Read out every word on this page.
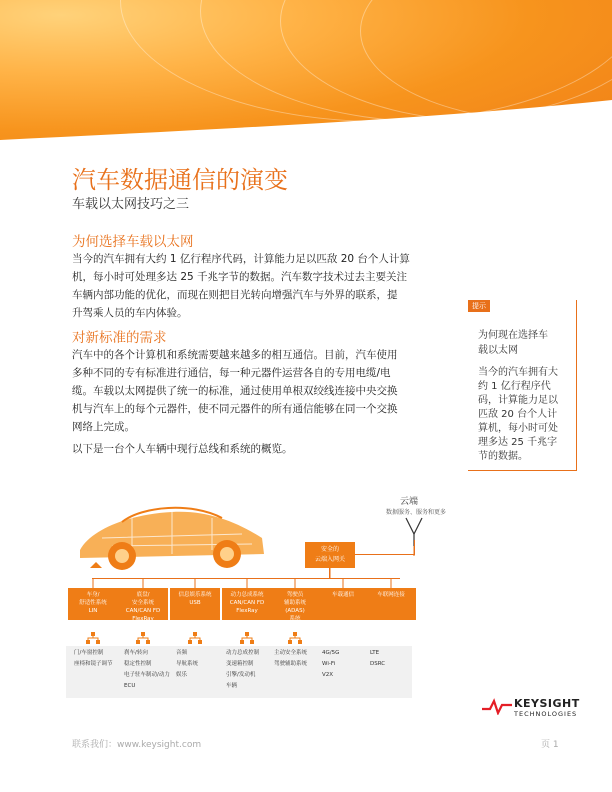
汽车数据通信的演变
车载以太网技巧之三
为何选择车载以太网
当今的汽车拥有大约 1 亿行程序代码，计算能力足以匹敌 20 台个人计算
机，每小时可处理多达 25 千兆字节的数据。汽车数字技术过去主要关注
车辆内部功能的优化，而现在则把目光转向增强汽车与外界的联系，提
升驾乘人员的车内体验。
对新标准的需求
汽车中的各个计算机和系统需要越来越多的相互通信。目前，汽车使用
多种不同的专有标准进行通信，每一种元器件运营各自的专用电缆/电
缆。车载以太网提供了统一的标准，通过使用单根双绞线连接中央交换
机与汽车上的每个元器件，使不同元器件的所有通信能够在同一个交换
网络上完成。
以下是一台个人车辆中现行总线和系统的概览。
提示
为何现在选择车
载以太网
当今的汽车拥有大
约 1 亿行程序代
码，计算能力足以
匹敌 20 台个人计
算机，每小时可处
理多达 25 千兆字
节的数据。
云端
数据服务、服务和更多
安全的
云端入网关
车身/
舒适性系统
LIN
底盘/
安全系统
CAN/CAN FD
FlexRay
信息娱乐系统
USB
动力总成系统
CAN/CAN FD
FlexRay
驾驶员
辅助系统
(ADAS)
系统
车载通信	车联网连接
门/车窗控制
座椅和镜子调节
刹车/转向
稳定性控制
电子驻车制动/动力 ECU
音频
导航系统
娱乐
动力总成控制
变速箱控制
引擎/发动机
车辆
主动安全系统
驾驶辅助系统
4G/5G
Wi-Fi
V2X
LTE
DSRC
KEYSIGHT
TECHNOLOGIES
联系我们：www.keysight.com	页 1
